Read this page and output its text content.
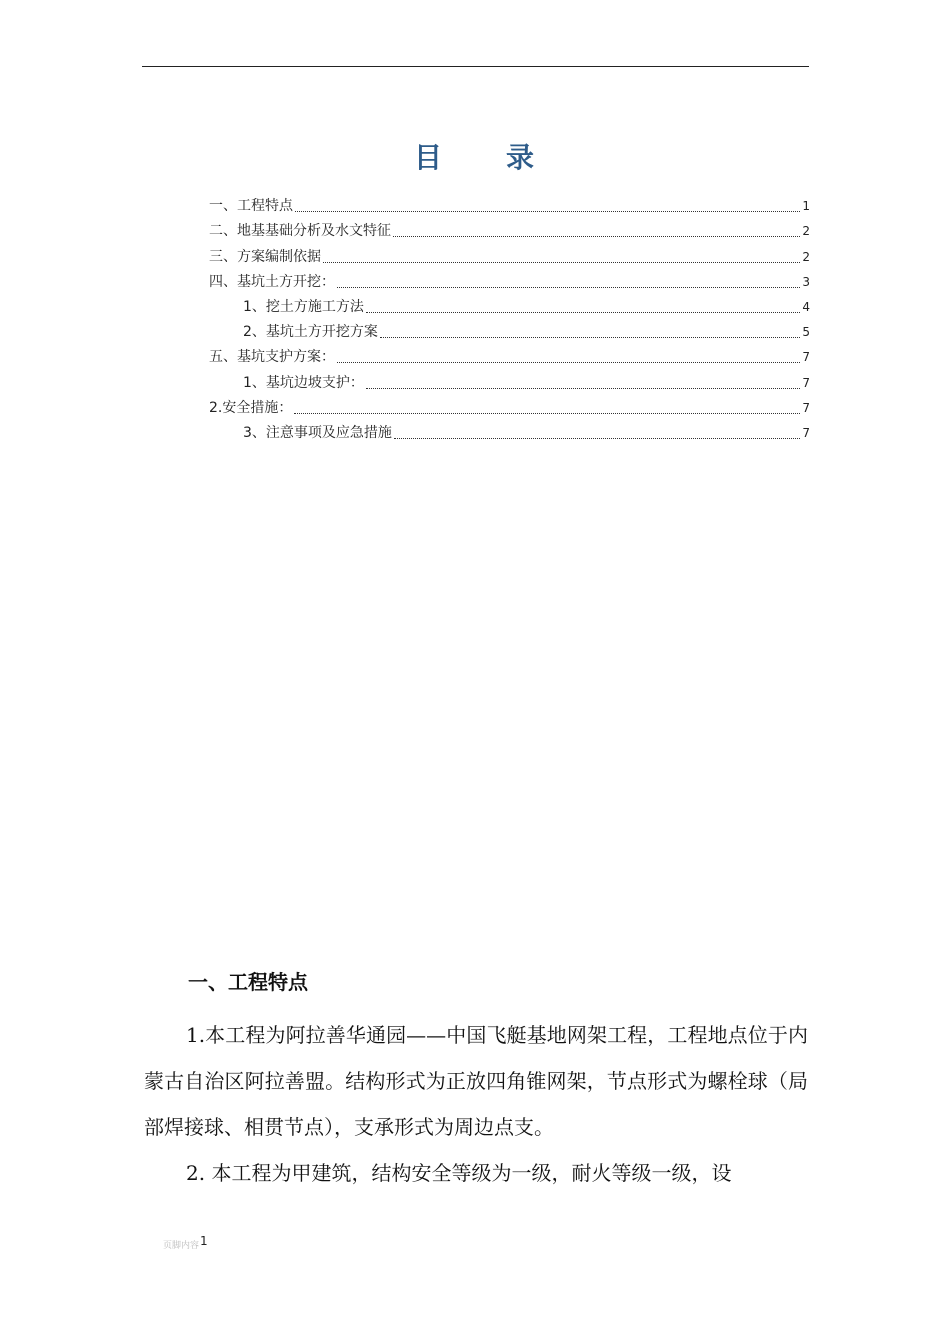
目 录
一、工程特点	1
二、地基基础分析及水文特征	2
三、方案编制依据	2
四、基坑土方开挖：	3
1、挖土方施工方法	4
2、基坑土方开挖方案	5
五、基坑支护方案：	7
1、基坑边坡支护：	7
2.安全措施：	7
3、注意事项及应急措施	7
一、工程特点
1.本工程为阿拉善华通园——中国飞艇基地网架工程，工程地点位于内蒙古自治区阿拉善盟。结构形式为正放四角锥网架，节点形式为螺栓球（局部焊接球、相贯节点），支承形式为周边点支。
2. 本工程为甲建筑，结构安全等级为一级，耐火等级一级，设
页脚内容 1
